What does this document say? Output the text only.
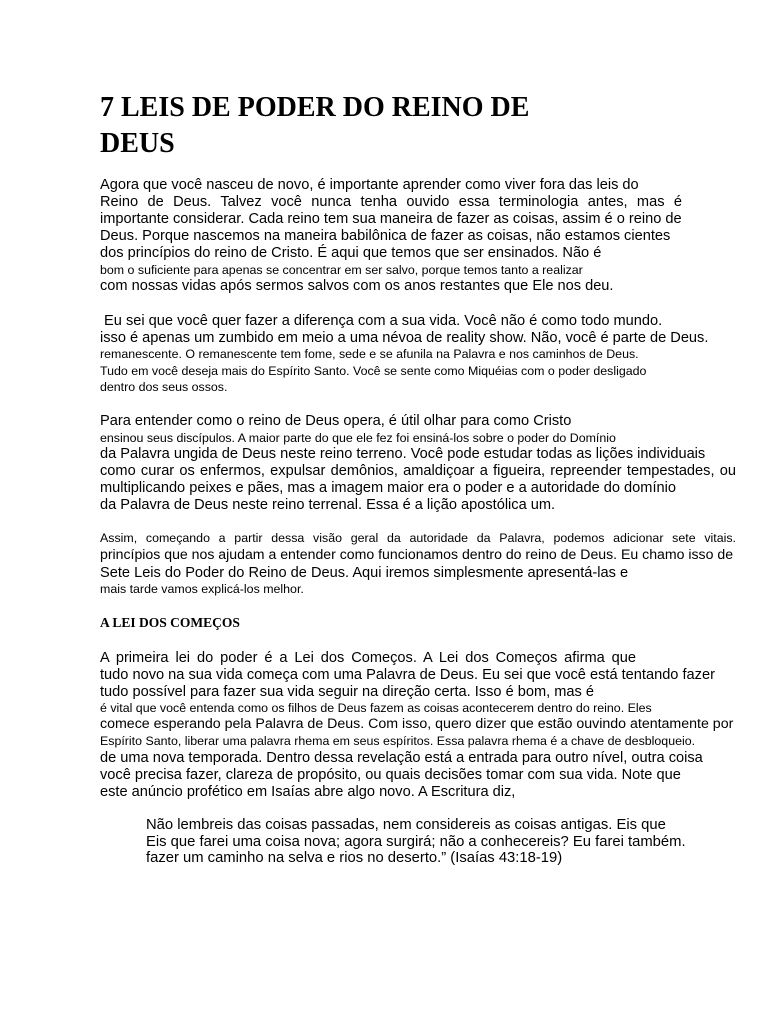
7 LEIS DE PODER DO REINO DE
DEUS
Agora que você nasceu de novo, é importante aprender como viver fora das leis do
Reino de Deus. Talvez você nunca tenha ouvido essa terminologia antes, mas é
importante considerar. Cada reino tem sua maneira de fazer as coisas, assim é o reino de
Deus. Porque nascemos na maneira babilônica de fazer as coisas, não estamos cientes
dos princípios do reino de Cristo. É aqui que temos que ser ensinados. Não é
bom o suficiente para apenas se concentrar em ser salvo, porque temos tanto a realizar
com nossas vidas após sermos salvos com os anos restantes que Ele nos deu.
Eu sei que você quer fazer a diferença com a sua vida. Você não é como todo mundo.
isso é apenas um zumbido em meio a uma névoa de reality show. Não, você é parte de Deus.
remanescente. O remanescente tem fome, sede e se afunila na Palavra e nos caminhos de Deus.
Tudo em você deseja mais do Espírito Santo. Você se sente como Miquéias com o poder desligado
dentro dos seus ossos.
Para entender como o reino de Deus opera, é útil olhar para como Cristo
ensinou seus discípulos. A maior parte do que ele fez foi ensiná-los sobre o poder do Domínio
da Palavra ungida de Deus neste reino terreno. Você pode estudar todas as lições individuais
como curar os enfermos, expulsar demônios, amaldiçoar a figueira, repreender tempestades, ou
multiplicando peixes e pães, mas a imagem maior era o poder e a autoridade do domínio
da Palavra de Deus neste reino terrenal. Essa é a lição apostólica um.
Assim, começando a partir dessa visão geral da autoridade da Palavra, podemos adicionar sete vitais.
princípios que nos ajudam a entender como funcionamos dentro do reino de Deus. Eu chamo isso de
Sete Leis do Poder do Reino de Deus. Aqui iremos simplesmente apresentá-las e
mais tarde vamos explicá-los melhor.
A LEI DOS COMEÇOS
A primeira lei do poder é a Lei dos Começos. A Lei dos Começos afirma que
tudo novo na sua vida começa com uma Palavra de Deus. Eu sei que você está tentando fazer
tudo possível para fazer sua vida seguir na direção certa. Isso é bom, mas é
é vital que você entenda como os filhos de Deus fazem as coisas acontecerem dentro do reino. Eles
comece esperando pela Palavra de Deus. Com isso, quero dizer que estão ouvindo atentamente por
Espírito Santo, liberar uma palavra rhema em seus espíritos. Essa palavra rhema é a chave de desbloqueio.
de uma nova temporada. Dentro dessa revelação está a entrada para outro nível, outra coisa
você precisa fazer, clareza de propósito, ou quais decisões tomar com sua vida. Note que
este anúncio profético em Isaías abre algo novo. A Escritura diz,
Não lembreis das coisas passadas, nem considereis as coisas antigas. Eis que
Eis que farei uma coisa nova; agora surgirá; não a conhecereis? Eu farei também.
fazer um caminho na selva e rios no deserto.” (Isaías 43:18-19)
